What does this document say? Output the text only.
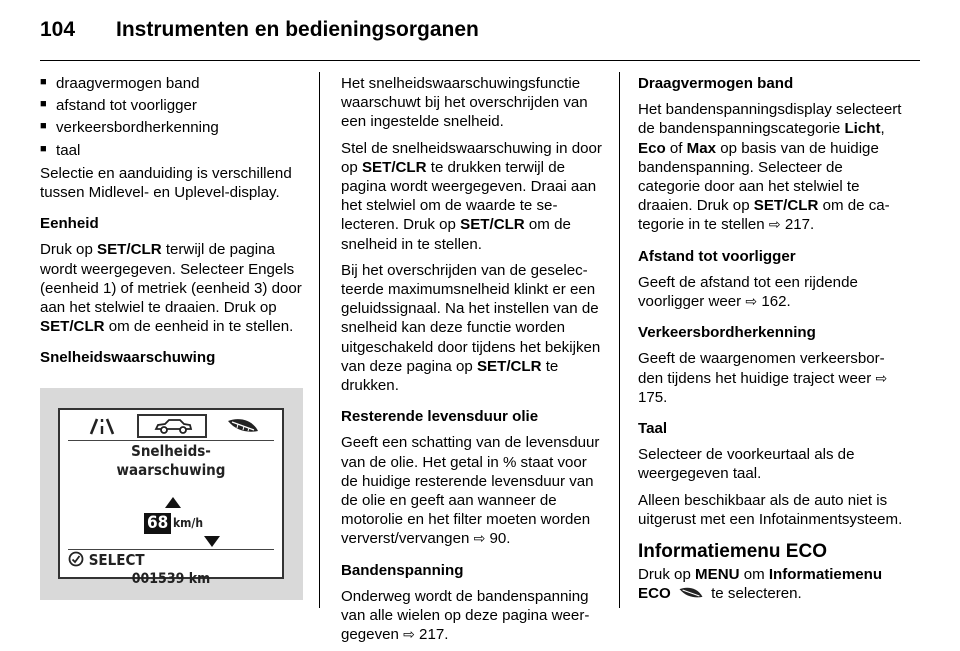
104 Instrumenten en bedieningsorganen
■ draagvermogen band
■ afstand tot voorligger
■ verkeersbordherkenning
■ taal

Selectie en aanduiding is verschillend tussen Midlevel- en Uplevel-display.

Eenheid

Druk op SET/CLR terwijl de pagina wordt weergegeven. Selecteer Engels (eenheid 1) of metriek (eenheid 3) door aan het stelwiel te draaien. Druk op SET/CLR om de eenheid in te stellen.

Snelheidswaarschuwing

Snelheids-
waarschuwing
68 km/h
SELECT
001539 km

Het snelheidswaarschuwingsfunctie waarschuwt bij het overschrijden van een ingestelde snelheid.

Stel de snelheidswaarschuwing in door op SET/CLR te drukken terwijl de pagina wordt weergegeven. Draai aan het stelwiel om de waarde te selecteren. Druk op SET/CLR om de snelheid in te stellen.

Bij het overschrijden van de geselecteerde maximumsnelheid klinkt er een geluidssignaal. Na het instellen van de snelheid kan deze functie worden uitgeschakeld door tijdens het bekijken van deze pagina op SET/CLR te drukken.

Resterende levensduur olie

Geeft een schatting van de levensduur van de olie. Het getal in % staat voor de huidige resterende levensduur van de olie en geeft aan wanneer de motorolie en het filter moeten worden ververst/vervangen ⇨ 90.

Bandenspanning

Onderweg wordt de bandenspanning van alle wielen op deze pagina weergegeven ⇨ 217.

Draagvermogen band

Het bandenspanningsdisplay selecteert de bandenspanningscategorie Licht, Eco of Max op basis van de huidige bandenspanning. Selecteer de categorie door aan het stelwiel te draaien. Druk op SET/CLR om de categorie in te stellen ⇨ 217.

Afstand tot voorligger

Geeft de afstand tot een rijdende voorligger weer ⇨ 162.

Verkeersbordherkenning

Geeft de waargenomen verkeersborden tijdens het huidige traject weer ⇨ 175.

Taal

Selecteer de voorkeurtaal als de weergegeven taal.

Alleen beschikbaar als de auto niet is uitgerust met een Infotainmentsysteem.

Informatiemenu ECO

Druk op MENU om Informatiemenu ECO  te selecteren.
